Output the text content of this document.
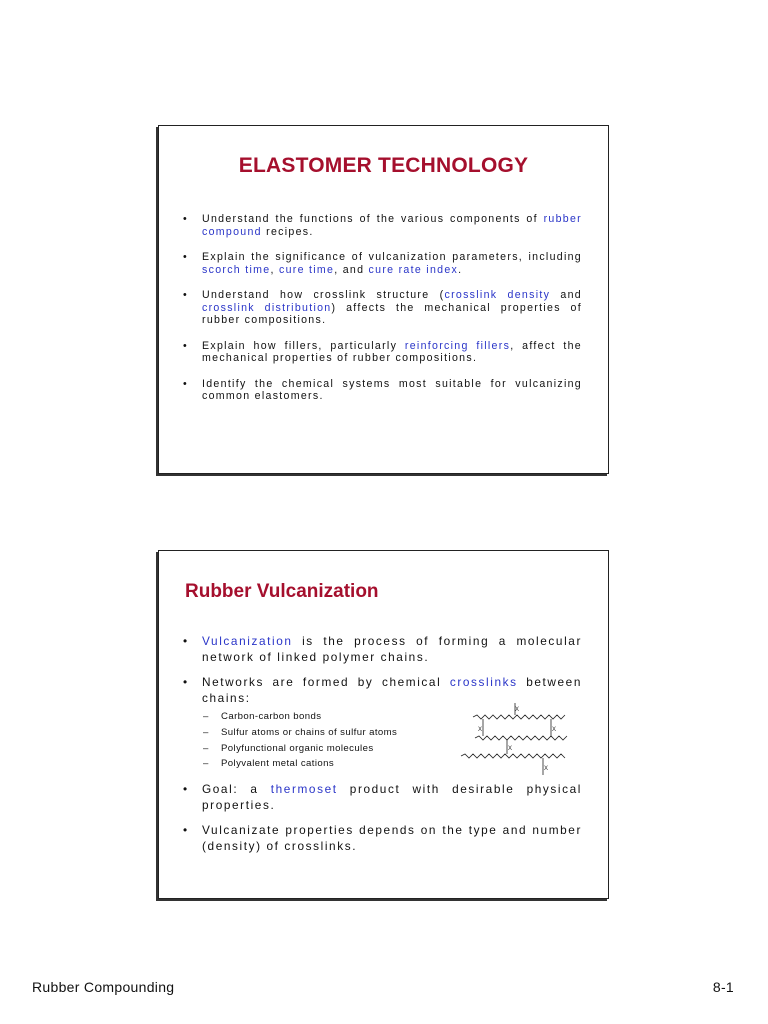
ELASTOMER TECHNOLOGY
• Understand the functions of the various components of rubber compound recipes.
• Explain the significance of vulcanization parameters, including scorch time, cure time, and cure rate index.
• Understand how crosslink structure (crosslink density and crosslink distribution) affects the mechanical properties of rubber compositions.
• Explain how fillers, particularly reinforcing fillers, affect the mechanical properties of rubber compositions.
• Identify the chemical systems most suitable for vulcanizing common elastomers.
Rubber Vulcanization
• Vulcanization is the process of forming a molecular network of linked polymer chains.
• Networks are formed by chemical crosslinks between chains:
– Carbon-carbon bonds
– Sulfur atoms or chains of sulfur atoms
– Polyfunctional organic molecules
– Polyvalent metal cations
• Goal: a thermoset product with desirable physical properties.
• Vulcanizate properties depends on the type and number (density) of crosslinks.
X
X	X
X
X
Rubber Compounding	8-1
